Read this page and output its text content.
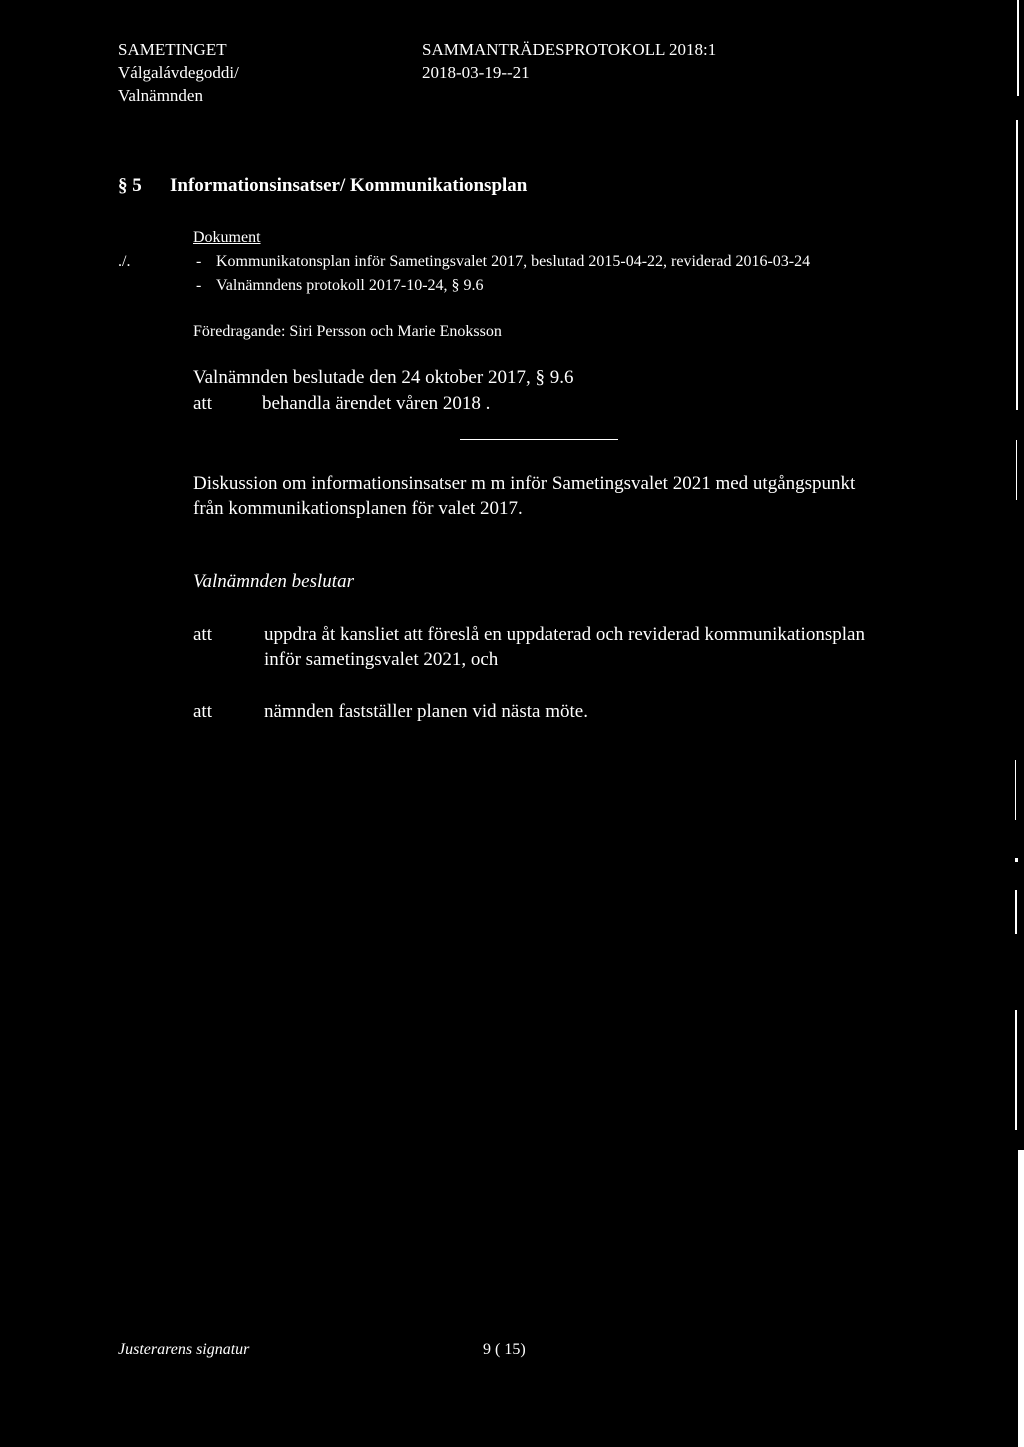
SAMETINGET
Válgalávdegoddi/
Valnämnden
SAMMANTRÄDESPROTOKOLL 2018:1
2018-03-19--21
§ 5 Informationsinsatser/ Kommunikationsplan
Dokument
./.	- Kommunikatonsplan inför Sametingsvalet 2017, beslutad 2015-04-22, reviderad 2016-03-24
- Valnämndens protokoll 2017-10-24, § 9.6
Föredragande: Siri Persson och Marie Enoksson
Valnämnden beslutade den 24 oktober 2017, § 9.6
att	behandla ärendet våren 2018 .
Diskussion om informationsinsatser m m inför Sametingsvalet 2021 med utgångspunkt
från kommunikationsplanen för valet 2017.
Valnämnden beslutar
att	uppdra åt kansliet att föreslå en uppdaterad och reviderad kommunikationsplan
inför sametingsvalet 2021, och
att	nämnden fastställer planen vid nästa möte.
Justerarens signatur	9 ( 15)
